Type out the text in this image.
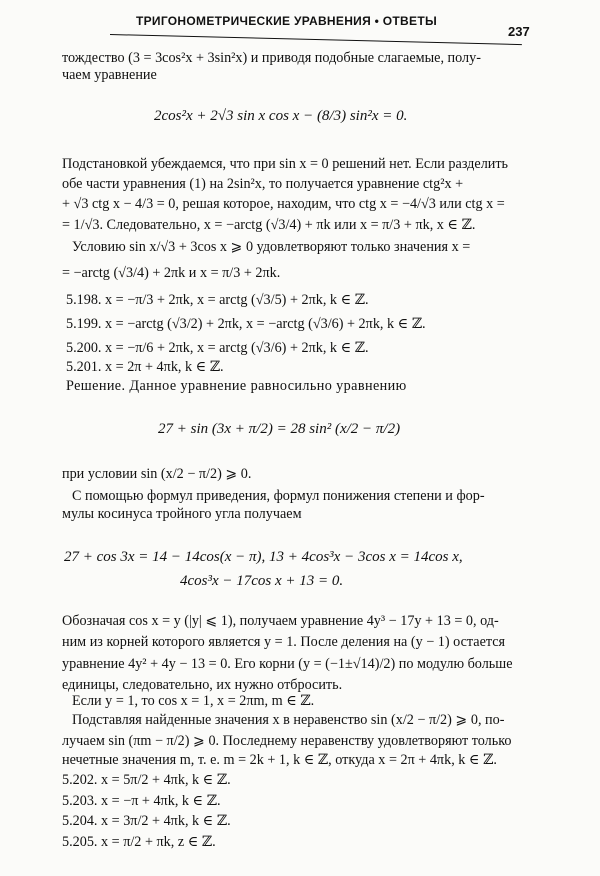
ТРИГОНОМЕТРИЧЕСКИЕ УРАВНЕНИЯ • ОТВЕТЫ
237
тождество (3 = 3cos²x + 3sin²x) и приводя подобные слагаемые, полу-
чаем уравнение
2cos²x + 2√3 sin x cos x − (8/3) sin²x = 0.
Подстановкой убеждаемся, что при sin x = 0 решений нет. Если разделить
обе части уравнения (1) на 2sin²x, то получается уравнение ctg²x +
+ √3 ctg x − 4/3 = 0, решая которое, находим, что ctg x = −4/√3 или ctg x =
= 1/√3. Следовательно, x = −arctg (√3/4) + πk или x = π/3 + πk, x ∈ ℤ.
Условию sin x/√3 + 3cos x ⩾ 0 удовлетворяют только значения x =
= −arctg (√3/4) + 2πk и x = π/3 + 2πk.
5.198. x = −π/3 + 2πk, x = arctg (√3/5) + 2πk, k ∈ ℤ.
5.199. x = −arctg (√3/2) + 2πk, x = −arctg (√3/6) + 2πk, k ∈ ℤ.
5.200. x = −π/6 + 2πk, x = arctg (√3/6) + 2πk, k ∈ ℤ.
5.201. x = 2π + 4πk, k ∈ ℤ.
Решение. Данное уравнение равносильно уравнению
27 + sin (3x + π/2) = 28 sin² (x/2 − π/2)
при условии sin (x/2 − π/2) ⩾ 0.
С помощью формул приведения, формул понижения степени и фор-
мулы косинуса тройного угла получаем
27 + cos 3x = 14 − 14cos(x − π), 13 + 4cos³x − 3cos x = 14cos x,
4cos³x − 17cos x + 13 = 0.
Обозначая cos x = y (|y| ⩽ 1), получаем уравнение 4y³ − 17y + 13 = 0, од-
ним из корней которого является y = 1. После деления на (y − 1) остается
уравнение 4y² + 4y − 13 = 0. Его корни (y = (−1±√14)/2) по модулю больше
единицы, следовательно, их нужно отбросить.
Если y = 1, то cos x = 1, x = 2πm, m ∈ ℤ.
Подставляя найденные значения x в неравенство sin (x/2 − π/2) ⩾ 0, по-
лучаем sin (πm − π/2) ⩾ 0. Последнему неравенству удовлетворяют только
нечетные значения m, т. е. m = 2k + 1, k ∈ ℤ, откуда x = 2π + 4πk, k ∈ ℤ.
5.202. x = 5π/2 + 4πk, k ∈ ℤ.
5.203. x = −π + 4πk, k ∈ ℤ.
5.204. x = 3π/2 + 4πk, k ∈ ℤ.
5.205. x = π/2 + πk, z ∈ ℤ.
